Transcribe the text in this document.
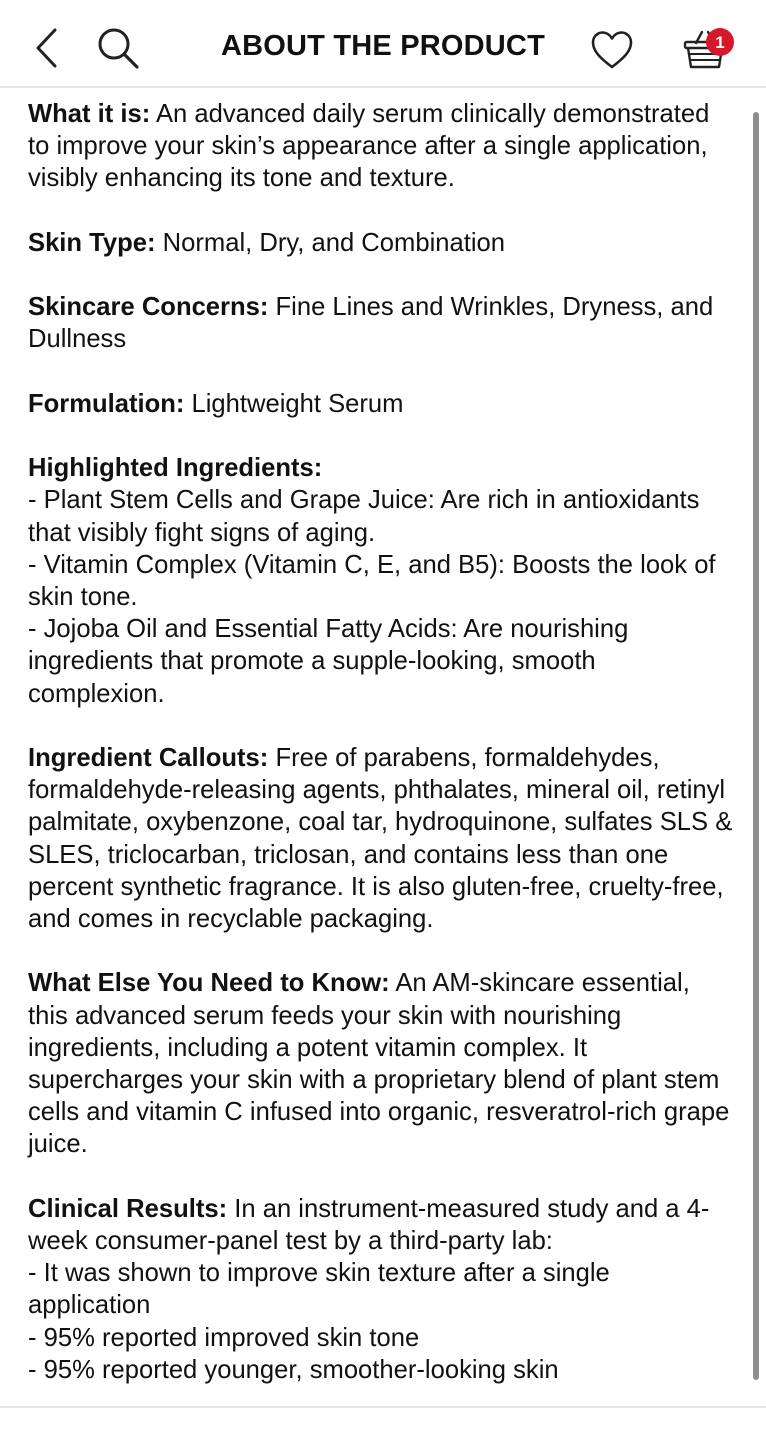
ABOUT THE PRODUCT	1
What it is: An advanced daily serum clinically demonstrated to improve your skin’s appearance after a single application, visibly enhancing its tone and texture.
Skin Type: Normal, Dry, and Combination
Skincare Concerns: Fine Lines and Wrinkles, Dryness, and Dullness
Formulation: Lightweight Serum
Highlighted Ingredients:
- Plant Stem Cells and Grape Juice: Are rich in antioxidants that visibly fight signs of aging.
- Vitamin Complex (Vitamin C, E, and B5): Boosts the look of skin tone.
- Jojoba Oil and Essential Fatty Acids: Are nourishing ingredients that promote a supple-looking, smooth complexion.
Ingredient Callouts: Free of parabens, formaldehydes, formaldehyde-releasing agents, phthalates, mineral oil, retinyl palmitate, oxybenzone, coal tar, hydroquinone, sulfates SLS & SLES, triclocarban, triclosan, and contains less than one percent synthetic fragrance. It is also gluten-free, cruelty-free, and comes in recyclable packaging.
What Else You Need to Know: An AM-skincare essential, this advanced serum feeds your skin with nourishing ingredients, including a potent vitamin complex. It supercharges your skin with a proprietary blend of plant stem cells and vitamin C infused into organic, resveratrol-rich grape juice.
Clinical Results: In an instrument-measured study and a 4-week consumer-panel test by a third-party lab:
- It was shown to improve skin texture after a single application
- 95% reported improved skin tone
- 95% reported younger, smoother-looking skin
